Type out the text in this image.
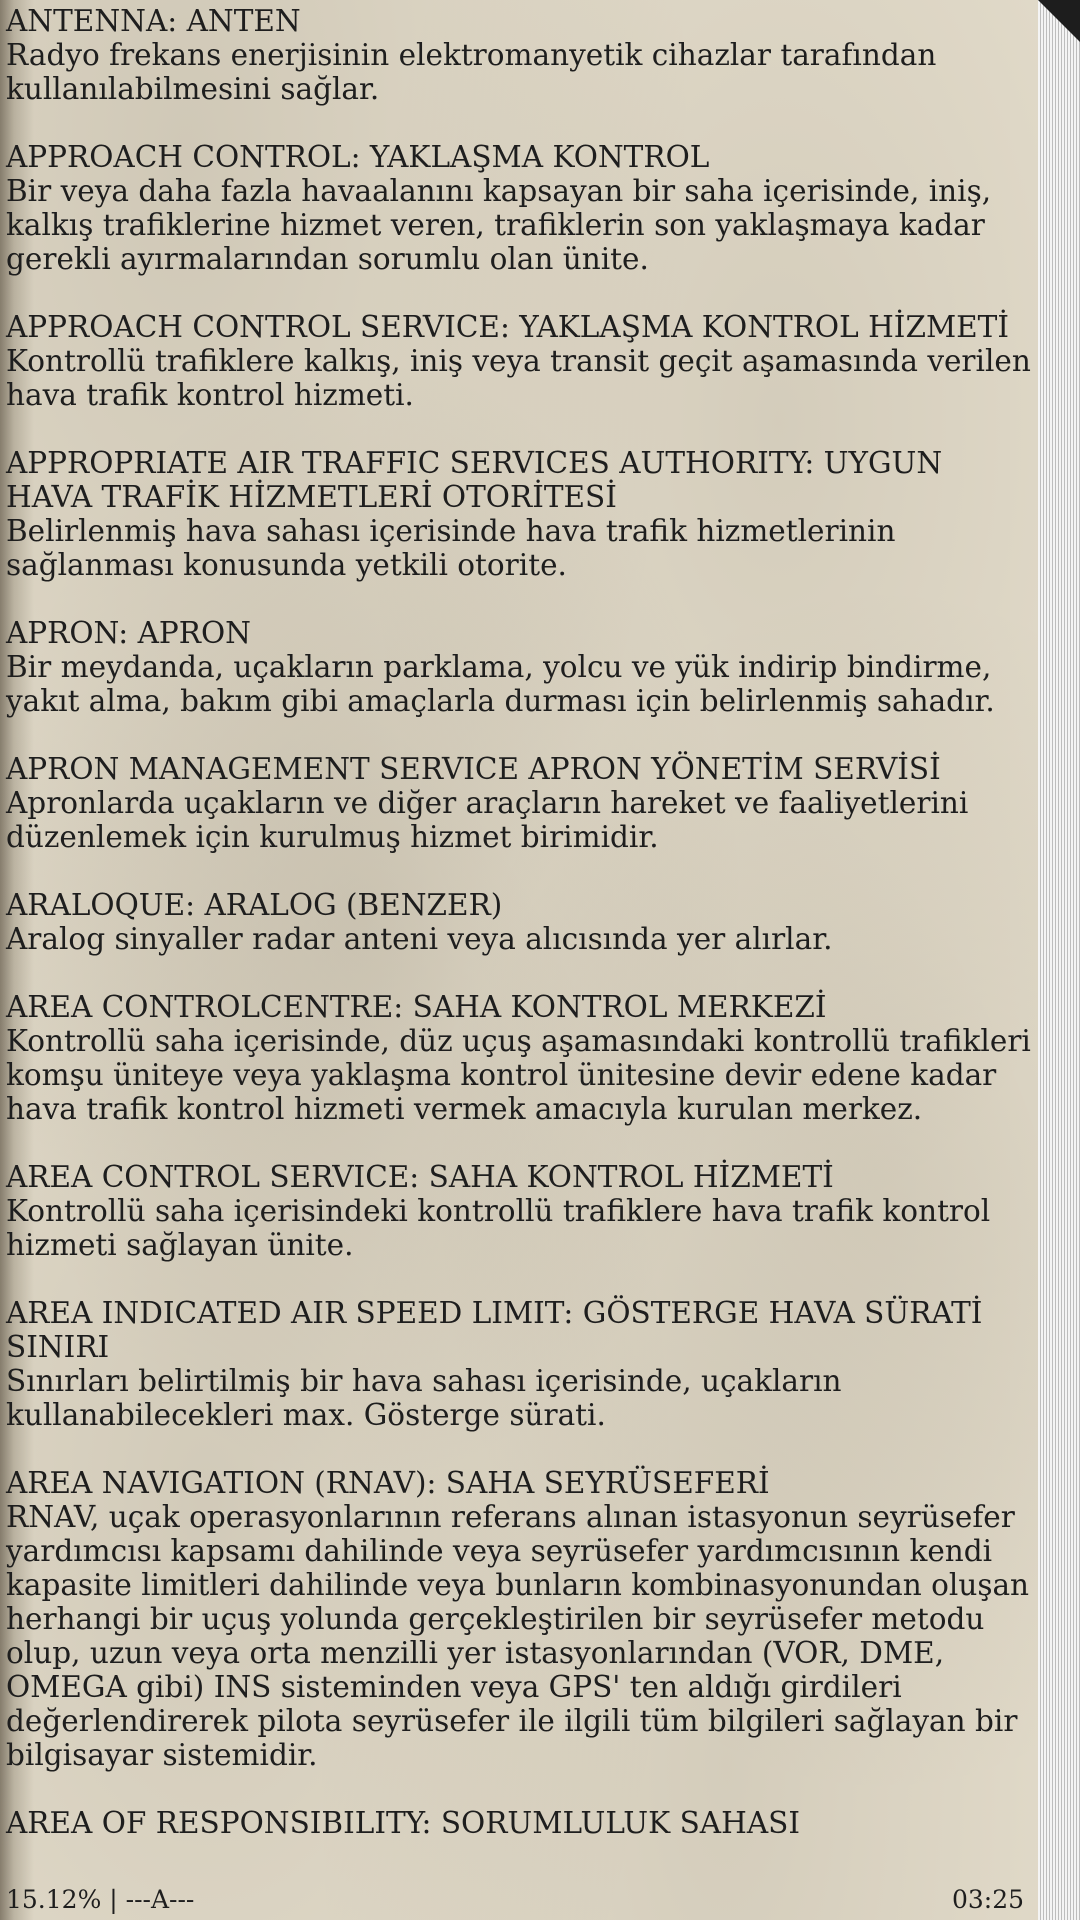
ANTENNA: ANTEN
Radyo frekans enerjisinin elektromanyetik cihazlar tarafından kullanılabilmesini sağlar.
APPROACH CONTROL: YAKLAŞMA KONTROL
Bir veya daha fazla havaalanını kapsayan bir saha içerisinde, iniş, kalkış trafiklerine hizmet veren, trafiklerin son yaklaşmaya kadar gerekli ayırmalarından sorumlu olan ünite.
APPROACH CONTROL SERVICE: YAKLAŞMA KONTROL HİZMETİ
Kontrollü trafiklere kalkış, iniş veya transit geçit aşamasında verilen hava trafik kontrol hizmeti.
APPROPRIATE AIR TRAFFIC SERVICES AUTHORITY: UYGUN HAVA TRAFİK HİZMETLERİ OTORİTESİ
Belirlenmiş hava sahası içerisinde hava trafik hizmetlerinin sağlanması konusunda yetkili otorite.
APRON: APRON
Bir meydanda, uçakların parklama, yolcu ve yük indirip bindirme, yakıt alma, bakım gibi amaçlarla durması için belirlenmiş sahadır.
APRON MANAGEMENT SERVICE APRON YÖNETİM SERVİSİ
Apronlarda uçakların ve diğer araçların hareket ve faaliyetlerini düzenlemek için kurulmuş hizmet birimidir.
ARALOQUE: ARALOG (BENZER)
Aralog sinyaller radar anteni veya alıcısında yer alırlar.
AREA CONTROLCENTRE: SAHA KONTROL MERKEZİ
Kontrollü saha içerisinde, düz uçuş aşamasındaki kontrollü trafikleri komşu üniteye veya yaklaşma kontrol ünitesine devir edene kadar hava trafik kontrol hizmeti vermek amacıyla kurulan merkez.
AREA CONTROL SERVICE: SAHA KONTROL HİZMETİ
Kontrollü saha içerisindeki kontrollü trafiklere hava trafik kontrol hizmeti sağlayan ünite.
AREA INDICATED AIR SPEED LIMIT: GÖSTERGE HAVA SÜRATİ SINIRI
Sınırları belirtilmiş bir hava sahası içerisinde, uçakların kullanabilecekleri max. Gösterge sürati.
AREA NAVIGATION (RNAV): SAHA SEYRÜSEFERİ
RNAV, uçak operasyonlarının referans alınan istasyonun seyrüsefer yardımcısı kapsamı dahilinde veya seyrüsefer yardımcısının kendi kapasite limitleri dahilinde veya bunların kombinasyonundan oluşan herhangi bir uçuş yolunda gerçekleştirilen bir seyrüsefer metodu olup, uzun veya orta menzilli yer istasyonlarından (VOR, DME, OMEGA gibi) INS sisteminden veya GPS' ten aldığı girdileri değerlendirerek pilota seyrüsefer ile ilgili tüm bilgileri sağlayan bir bilgisayar sistemidir.
AREA OF RESPONSIBILITY: SORUMLULUK SAHASI
15.12% | ---A---	03:25
